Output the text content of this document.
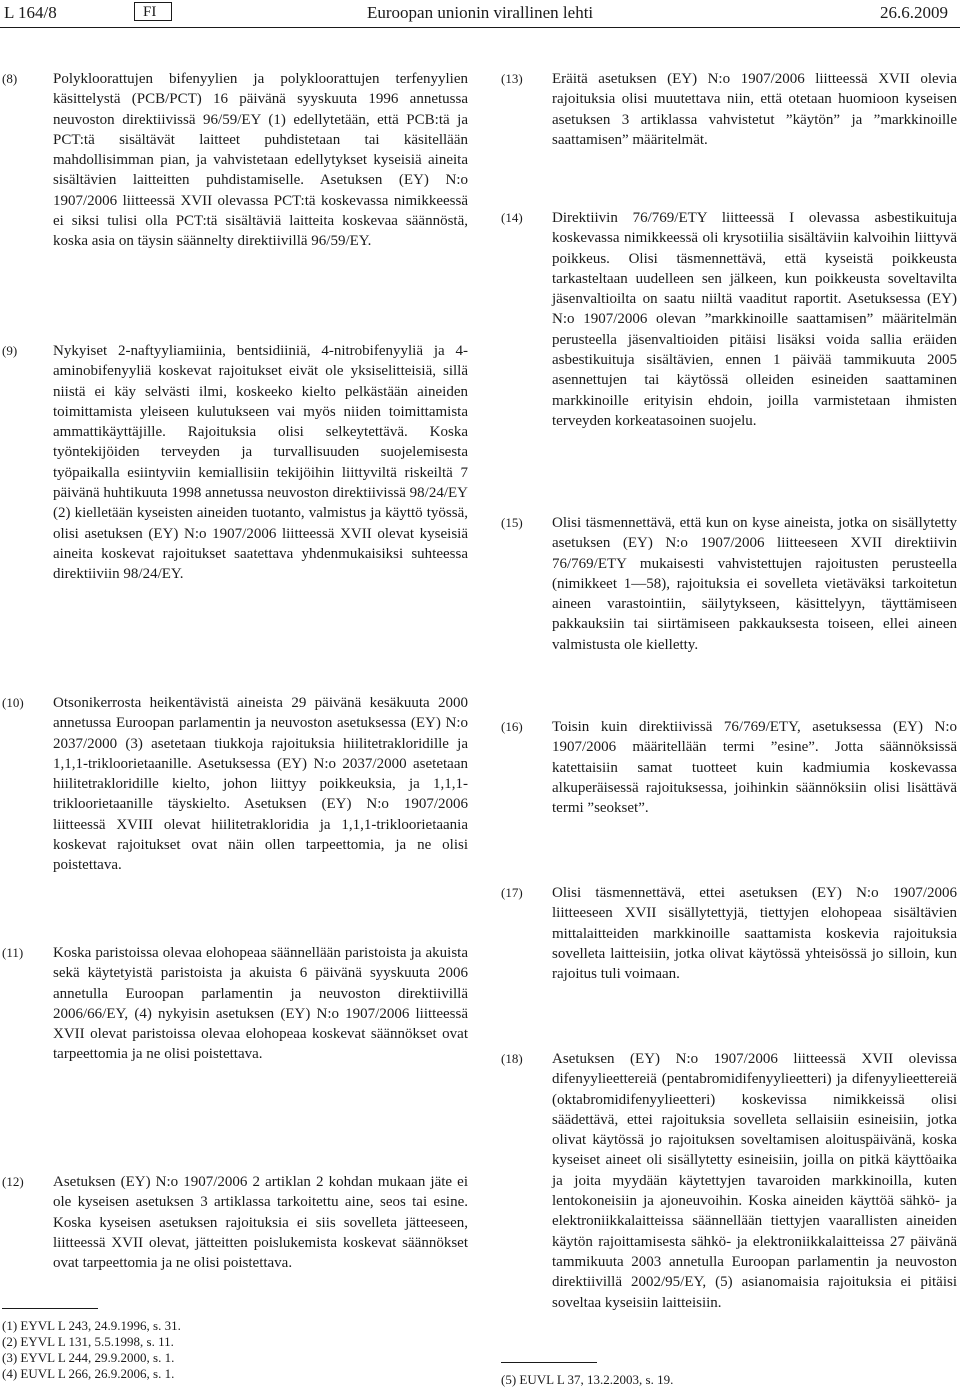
L 164/8	FI	Euroopan unionin virallinen lehti	26.6.2009
(8) Polykloorattujen bifenyylien ja polykloorattujen terfenyylien käsittelystä (PCB/PCT) 16 päivänä syyskuuta 1996 annetussa neuvoston direktiivissä 96/59/EY (1) edellytetään, että PCB:tä ja PCT:tä sisältävät laitteet puhdistetaan tai käsitellään mahdollisimman pian, ja vahvistetaan edellytykset kyseisiä aineita sisältävien laitteitten puhdistamiselle. Asetuksen (EY) N:o 1907/2006 liitteessä XVII olevassa PCT:tä koskevassa nimikkeessä ei siksi tulisi olla PCT:tä sisältäviä laitteita koskevaa säännöstä, koska asia on täysin säännelty direktiivillä 96/59/EY.
(9) Nykyiset 2-naftyyliamiinia, bentsidiiniä, 4-nitrobifenyyliä ja 4-aminobifenyyliä koskevat rajoitukset eivät ole yksiselitteisiä, sillä niistä ei käy selvästi ilmi, koskeeko kielto pelkästään aineiden toimittamista yleiseen kulutukseen vai myös niiden toimittamista ammattikäyttäjille. Rajoituksia olisi selkeytettävä. Koska työntekijöiden terveyden ja turvallisuuden suojelemisesta työpaikalla esiintyviin kemiallisiin tekijöihin liittyviltä riskeiltä 7 päivänä huhtikuuta 1998 annetussa neuvoston direktiivissä 98/24/EY (2) kielletään kyseisten aineiden tuotanto, valmistus ja käyttö työssä, olisi asetuksen (EY) N:o 1907/2006 liitteessä XVII olevat kyseisiä aineita koskevat rajoitukset saatettava yhdenmukaisiksi suhteessa direktiiviin 98/24/EY.
(10) Otsonikerrosta heikentävistä aineista 29 päivänä kesäkuuta 2000 annetussa Euroopan parlamentin ja neuvoston asetuksessa (EY) N:o 2037/2000 (3) asetetaan tiukkoja rajoituksia hiilitetrakloridille ja 1,1,1-trikloorietaanille. Asetuksessa (EY) N:o 2037/2000 asetetaan hiilitetrakloridille kielto, johon liittyy poikkeuksia, ja 1,1,1-trikloorietaanille täyskielto. Asetuksen (EY) N:o 1907/2006 liitteessä XVIII olevat hiilitetrakloridia ja 1,1,1-trikloorietaania koskevat rajoitukset ovat näin ollen tarpeettomia, ja ne olisi poistettava.
(11) Koska paristoissa olevaa elohopeaa säännellään paristoista ja akuista sekä käytetyistä paristoista ja akuista 6 päivänä syyskuuta 2006 annetulla Euroopan parlamentin ja neuvoston direktiivillä 2006/66/EY, (4) nykyisin asetuksen (EY) N:o 1907/2006 liitteessä XVII olevat paristoissa olevaa elohopeaa koskevat säännökset ovat tarpeettomia ja ne olisi poistettava.
(12) Asetuksen (EY) N:o 1907/2006 2 artiklan 2 kohdan mukaan jäte ei ole kyseisen asetuksen 3 artiklassa tarkoitettu aine, seos tai esine. Koska kyseisen asetuksen rajoituksia ei siis sovelleta jätteeseen, liitteessä XVII olevat, jätteitten poislukemista koskevat säännökset ovat tarpeettomia ja ne olisi poistettava.
(1) EYVL L 243, 24.9.1996, s. 31.
(2) EYVL L 131, 5.5.1998, s. 11.
(3) EYVL L 244, 29.9.2000, s. 1.
(4) EUVL L 266, 26.9.2006, s. 1.
(13) Eräitä asetuksen (EY) N:o 1907/2006 liitteessä XVII olevia rajoituksia olisi muutettava niin, että otetaan huomioon kyseisen asetuksen 3 artiklassa vahvistetut ”käytön” ja ”markkinoille saattamisen” määritelmät.
(14) Direktiivin 76/769/ETY liitteessä I olevassa asbestikuituja koskevassa nimikkeessä oli krysotiilia sisältäviin kalvoihin liittyvä poikkeus. Olisi täsmennettävä, että kyseistä poikkeusta tarkasteltaan uudelleen sen jälkeen, kun poikkeusta soveltavilta jäsenvaltioilta on saatu niiltä vaaditut raportit. Asetuksessa (EY) N:o 1907/2006 olevan ”markkinoille saattamisen” määritelmän perusteella jäsenvaltioiden pitäisi lisäksi voida sallia eräiden asbestikuituja sisältävien, ennen 1 päivää tammikuuta 2005 asennettujen tai käytössä olleiden esineiden saattaminen markkinoille erityisin ehdoin, joilla varmistetaan ihmisten terveyden korkeatasoinen suojelu.
(15) Olisi täsmennettävä, että kun on kyse aineista, jotka on sisällytetty asetuksen (EY) N:o 1907/2006 liitteeseen XVII direktiivin 76/769/ETY mukaisesti vahvistettujen rajoitusten perusteella (nimikkeet 1—58), rajoituksia ei sovelleta vietäväksi tarkoitetun aineen varastointiin, säilytykseen, käsittelyyn, täyttämiseen pakkauksiin tai siirtämiseen pakkauksesta toiseen, ellei aineen valmistusta ole kielletty.
(16) Toisin kuin direktiivissä 76/769/ETY, asetuksessa (EY) N:o 1907/2006 määritellään termi ”esine”. Jotta säännöksissä katettaisiin samat tuotteet kuin kadmiumia koskevassa alkuperäisessä rajoituksessa, joihinkin säännöksiin olisi lisättävä termi ”seokset”.
(17) Olisi täsmennettävä, ettei asetuksen (EY) N:o 1907/2006 liitteeseen XVII sisällytettyjä, tiettyjen elohopeaa sisältävien mittalaitteiden markkinoille saattamista koskevia rajoituksia sovelleta laitteisiin, jotka olivat käytössä yhteisössä jo silloin, kun rajoitus tuli voimaan.
(18) Asetuksen (EY) N:o 1907/2006 liitteessä XVII olevissa difenyylieettereiä (pentabromidifenyylieetteri) ja difenyylieettereiä (oktabromidifenyylieetteri) koskevissa nimikkeissä olisi säädettävä, ettei rajoituksia sovelleta sellaisiin esineisiin, jotka olivat käytössä jo rajoituksen soveltamisen aloituspäivänä, koska kyseiset aineet oli sisällytetty esineisiin, joilla on pitkä käyttöaika ja joita myydään käytettyjen tavaroiden markkinoilla, kuten lentokoneisiin ja ajoneuvoihin. Koska aineiden käyttöä sähkö- ja elektroniikkalaitteissa säännellään tiettyjen vaarallisten aineiden käytön rajoittamisesta sähkö- ja elektroniikkalaitteissa 27 päivänä tammikuuta 2003 annetulla Euroopan parlamentin ja neuvoston direktiivillä 2002/95/EY, (5) asianomaisia rajoituksia ei pitäisi soveltaa kyseisiin laitteisiin.
(5) EUVL L 37, 13.2.2003, s. 19.
